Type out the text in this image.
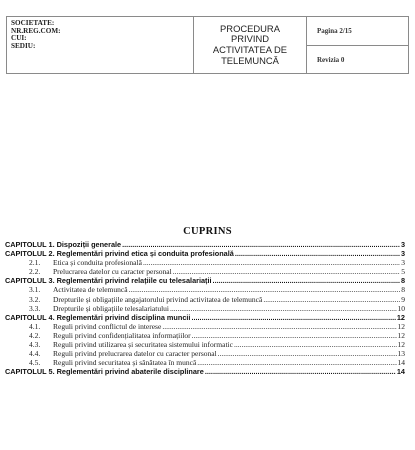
SOCIETATE:
NR.REG.COM:
CUI:
SEDIU:
PROCEDURA
PRIVIND
ACTIVITATEA DE
TELEMUNCĂ
Pagina 2/15
Revizia 0
CUPRINS
CAPITOLUL 1. Dispoziții generale .....	3
CAPITOLUL 2. Reglementări privind etica și conduita profesională .....	3
2.1.	Etica și conduita profesională .....	3
2.2.	Prelucrarea datelor cu caracter personal .....	5
CAPITOLUL 3. Reglementări privind relațiile cu telesalariații .....	8
3.1.	Activitatea de telemuncă .....	8
3.2.	Drepturile și obligațiile angajatorului privind activitatea de telemuncă .....	9
3.3.	Drepturile și obligațiile telesalariatului .....	10
CAPITOLUL 4. Reglementări privind disciplina muncii .....	12
4.1.	Reguli privind conflictul de interese .....	12
4.2.	Reguli privind confidențialitatea informațiilor .....	12
4.3.	Reguli privind utilizarea și securitatea sistemului informatic .....	12
4.4.	Reguli privind prelucrarea datelor cu caracter personal .....	13
4.5.	Reguli privind securitatea și sănătatea în muncă .....	14
CAPITOLUL 5. Reglementări privind abaterile disciplinare .....	14
